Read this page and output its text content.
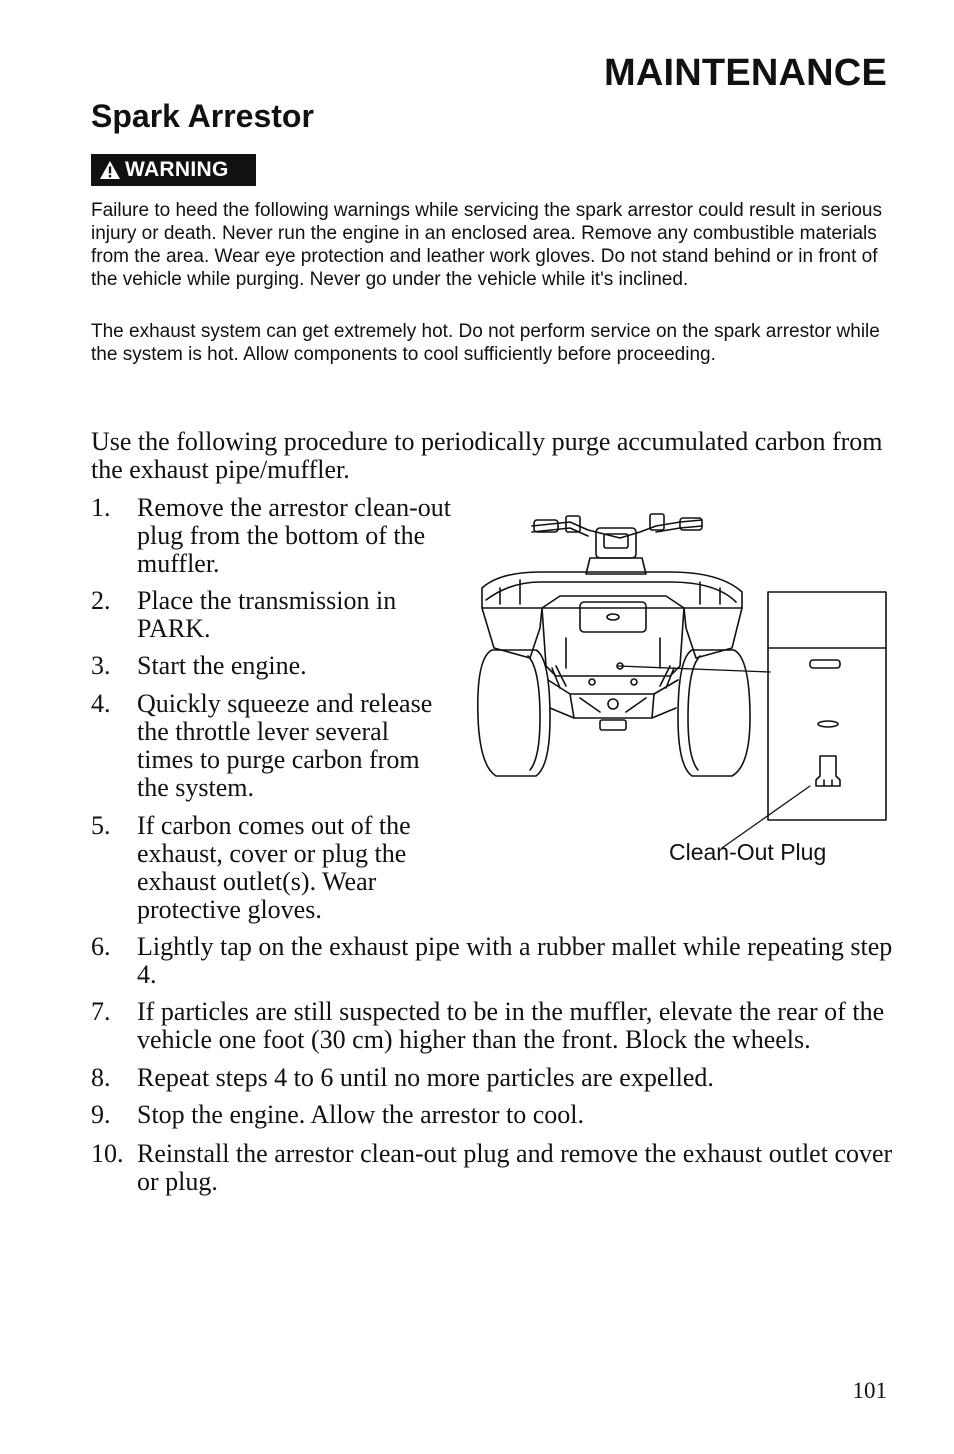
MAINTENANCE
Spark Arrestor
WARNING

Failure to heed the following warnings while servicing the spark arrestor could result in serious injury or death. Never run the engine in an enclosed area. Remove any combustible materials from the area. Wear eye protection and leather work gloves. Do not stand behind or in front of the vehicle while purging. Never go under the vehicle while it's inclined.

The exhaust system can get extremely hot. Do not perform service on the spark arrestor while the system is hot. Allow components to cool sufficiently before proceeding.

Use the following procedure to periodically purge accumulated carbon from the exhaust pipe/muffler.

1. Remove the arrestor clean-out plug from the bottom of the muffler.
2. Place the transmission in PARK.
3. Start the engine.
4. Quickly squeeze and release the throttle lever several times to purge carbon from the system.
5. If carbon comes out of the exhaust, cover or plug the exhaust outlet(s). Wear protective gloves.
6. Lightly tap on the exhaust pipe with a rubber mallet while repeating step 4.
7. If particles are still suspected to be in the muffler, elevate the rear of the vehicle one foot (30 cm) higher than the front. Block the wheels.
8. Repeat steps 4 to 6 until no more particles are expelled.
9. Stop the engine. Allow the arrestor to cool.
10. Reinstall the arrestor clean-out plug and remove the exhaust outlet cover or plug.
Clean-Out Plug
101
